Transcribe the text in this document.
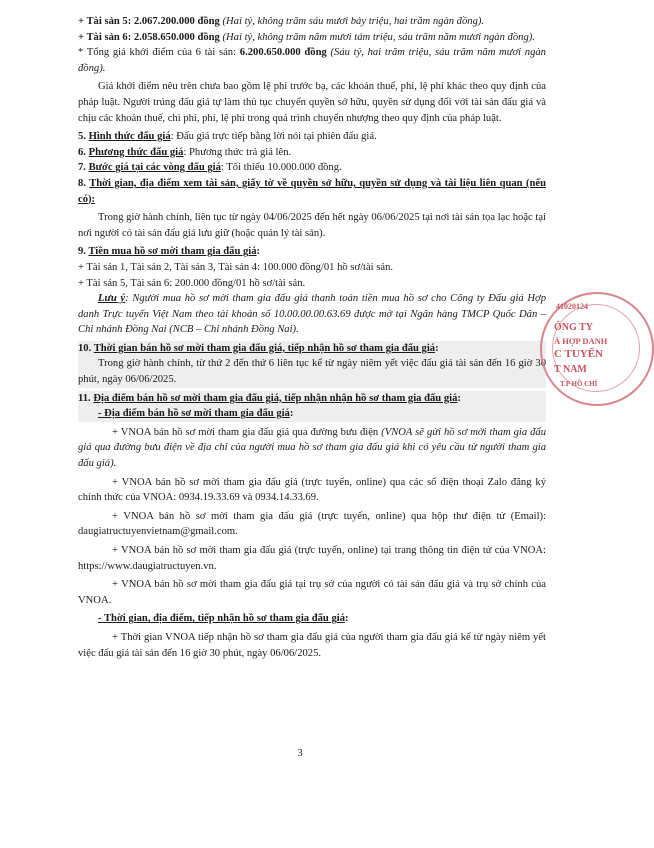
+ Tài sản 5: 2.067.200.000 đồng (Hai tỷ, không trăm sáu mươi bảy triệu, hai trăm ngàn đồng).

+ Tài sản 6: 2.058.650.000 đồng (Hai tỷ, không trăm năm mươi tám triệu, sáu trăm năm mươi ngàn đồng).

* Tổng giá khởi điểm của 6 tài sản: 6.200.650.000 đồng (Sáu tỷ, hai trăm triệu, sáu trăm năm mươi ngàn đồng).

Giá khởi điểm nêu trên chưa bao gồm lệ phí trước bạ, các khoản thuế, phí, lệ phí khác theo quy định của pháp luật. Người trúng đấu giá tự làm thủ tục chuyển quyền sở hữu, quyền sử dụng đối với tài sản đấu giá và chịu các khoản thuế, chi phí, phí, lệ phí trong quá trình chuyển nhượng theo quy định của pháp luật.

5. Hình thức đấu giá: Đấu giá trực tiếp bằng lời nói tại phiên đấu giá.

6. Phương thức đấu giá: Phương thức trả giá lên.

7. Bước giá tại các vòng đấu giá: Tối thiểu 10.000.000 đồng.

8. Thời gian, địa điểm xem tài sản, giấy tờ về quyền sở hữu, quyền sử dụng và tài liệu liên quan (nếu có):

Trong giờ hành chính, liên tục từ ngày 04/06/2025 đến hết ngày 06/06/2025 tại nơi tài sản tọa lạc hoặc tại nơi người có tài sản đấu giá lưu giữ (hoặc quản lý tài sản).

9. Tiền mua hồ sơ mời tham gia đấu giá:

+ Tài sản 1, Tài sản 2, Tài sản 3, Tài sản 4: 100.000 đồng/01 hồ sơ/tài sản.

+ Tài sản 5, Tài sản 6: 200.000 đồng/01 hồ sơ/tài sản.

Lưu ý: Người mua hồ sơ mời tham gia đấu giá thanh toán tiền mua hồ sơ cho Công ty Đấu giá Hợp danh Trực tuyến Việt Nam theo tài khoản số 10.00.00.00.63.69 được mở tại Ngân hàng TMCP Quốc Dân – Chi nhánh Đồng Nai (NCB – Chi nhánh Đồng Nai).

10. Thời gian bán hồ sơ mời tham gia đấu giá, tiếp nhận hồ sơ tham gia đấu giá:

Trong giờ hành chính, từ thứ 2 đến thứ 6 liên tục kể từ ngày niêm yết việc đấu giá tài sản đến 16 giờ 30 phút, ngày 06/06/2025.

11. Địa điểm bán hồ sơ mời tham gia đấu giá, tiếp nhận nhận hồ sơ tham gia đấu giá:

- Địa điểm bán hồ sơ mời tham gia đấu giá:

+ VNOA bán hồ sơ mời tham gia đấu giá qua đường bưu điện (VNOA sẽ gửi hồ sơ mời tham gia đấu giá qua đường bưu điện về địa chỉ của người mua hồ sơ tham gia đấu giá khi có yêu cầu từ người tham gia đấu giá).

+ VNOA bán hồ sơ mời tham gia đấu giá (trực tuyến, online) qua các số điện thoại Zalo đăng ký chính thức của VNOA: 0934.19.33.69 và 0934.14.33.69.

+ VNOA bán hồ sơ mời tham gia đấu giá (trực tuyến, online) qua hộp thư điện tử (Email): daugiatructuyenvietnam@gmail.com.

+ VNOA bán hồ sơ mời tham gia đấu giá (trực tuyến, online) tại trang thông tin điện tử của VNOA: https://www.daugiatructuyen.vn.

+ VNOA bán hồ sơ mời tham gia đấu giá tại trụ sở của người có tài sản đấu giá và trụ sở chính của VNOA.

- Thời gian, địa điểm, tiếp nhận hồ sơ tham gia đấu giá:

+ Thời gian VNOA tiếp nhận hồ sơ tham gia đấu giá của người tham gia đấu giá kể từ ngày niêm yết việc đấu giá tài sản đến 16 giờ 30 phút, ngày 06/06/2025.

3
41020124
ÔNG TY
À HỢP DANH
C TUYẾN
T NAM
T.P HỒ CHÍ
